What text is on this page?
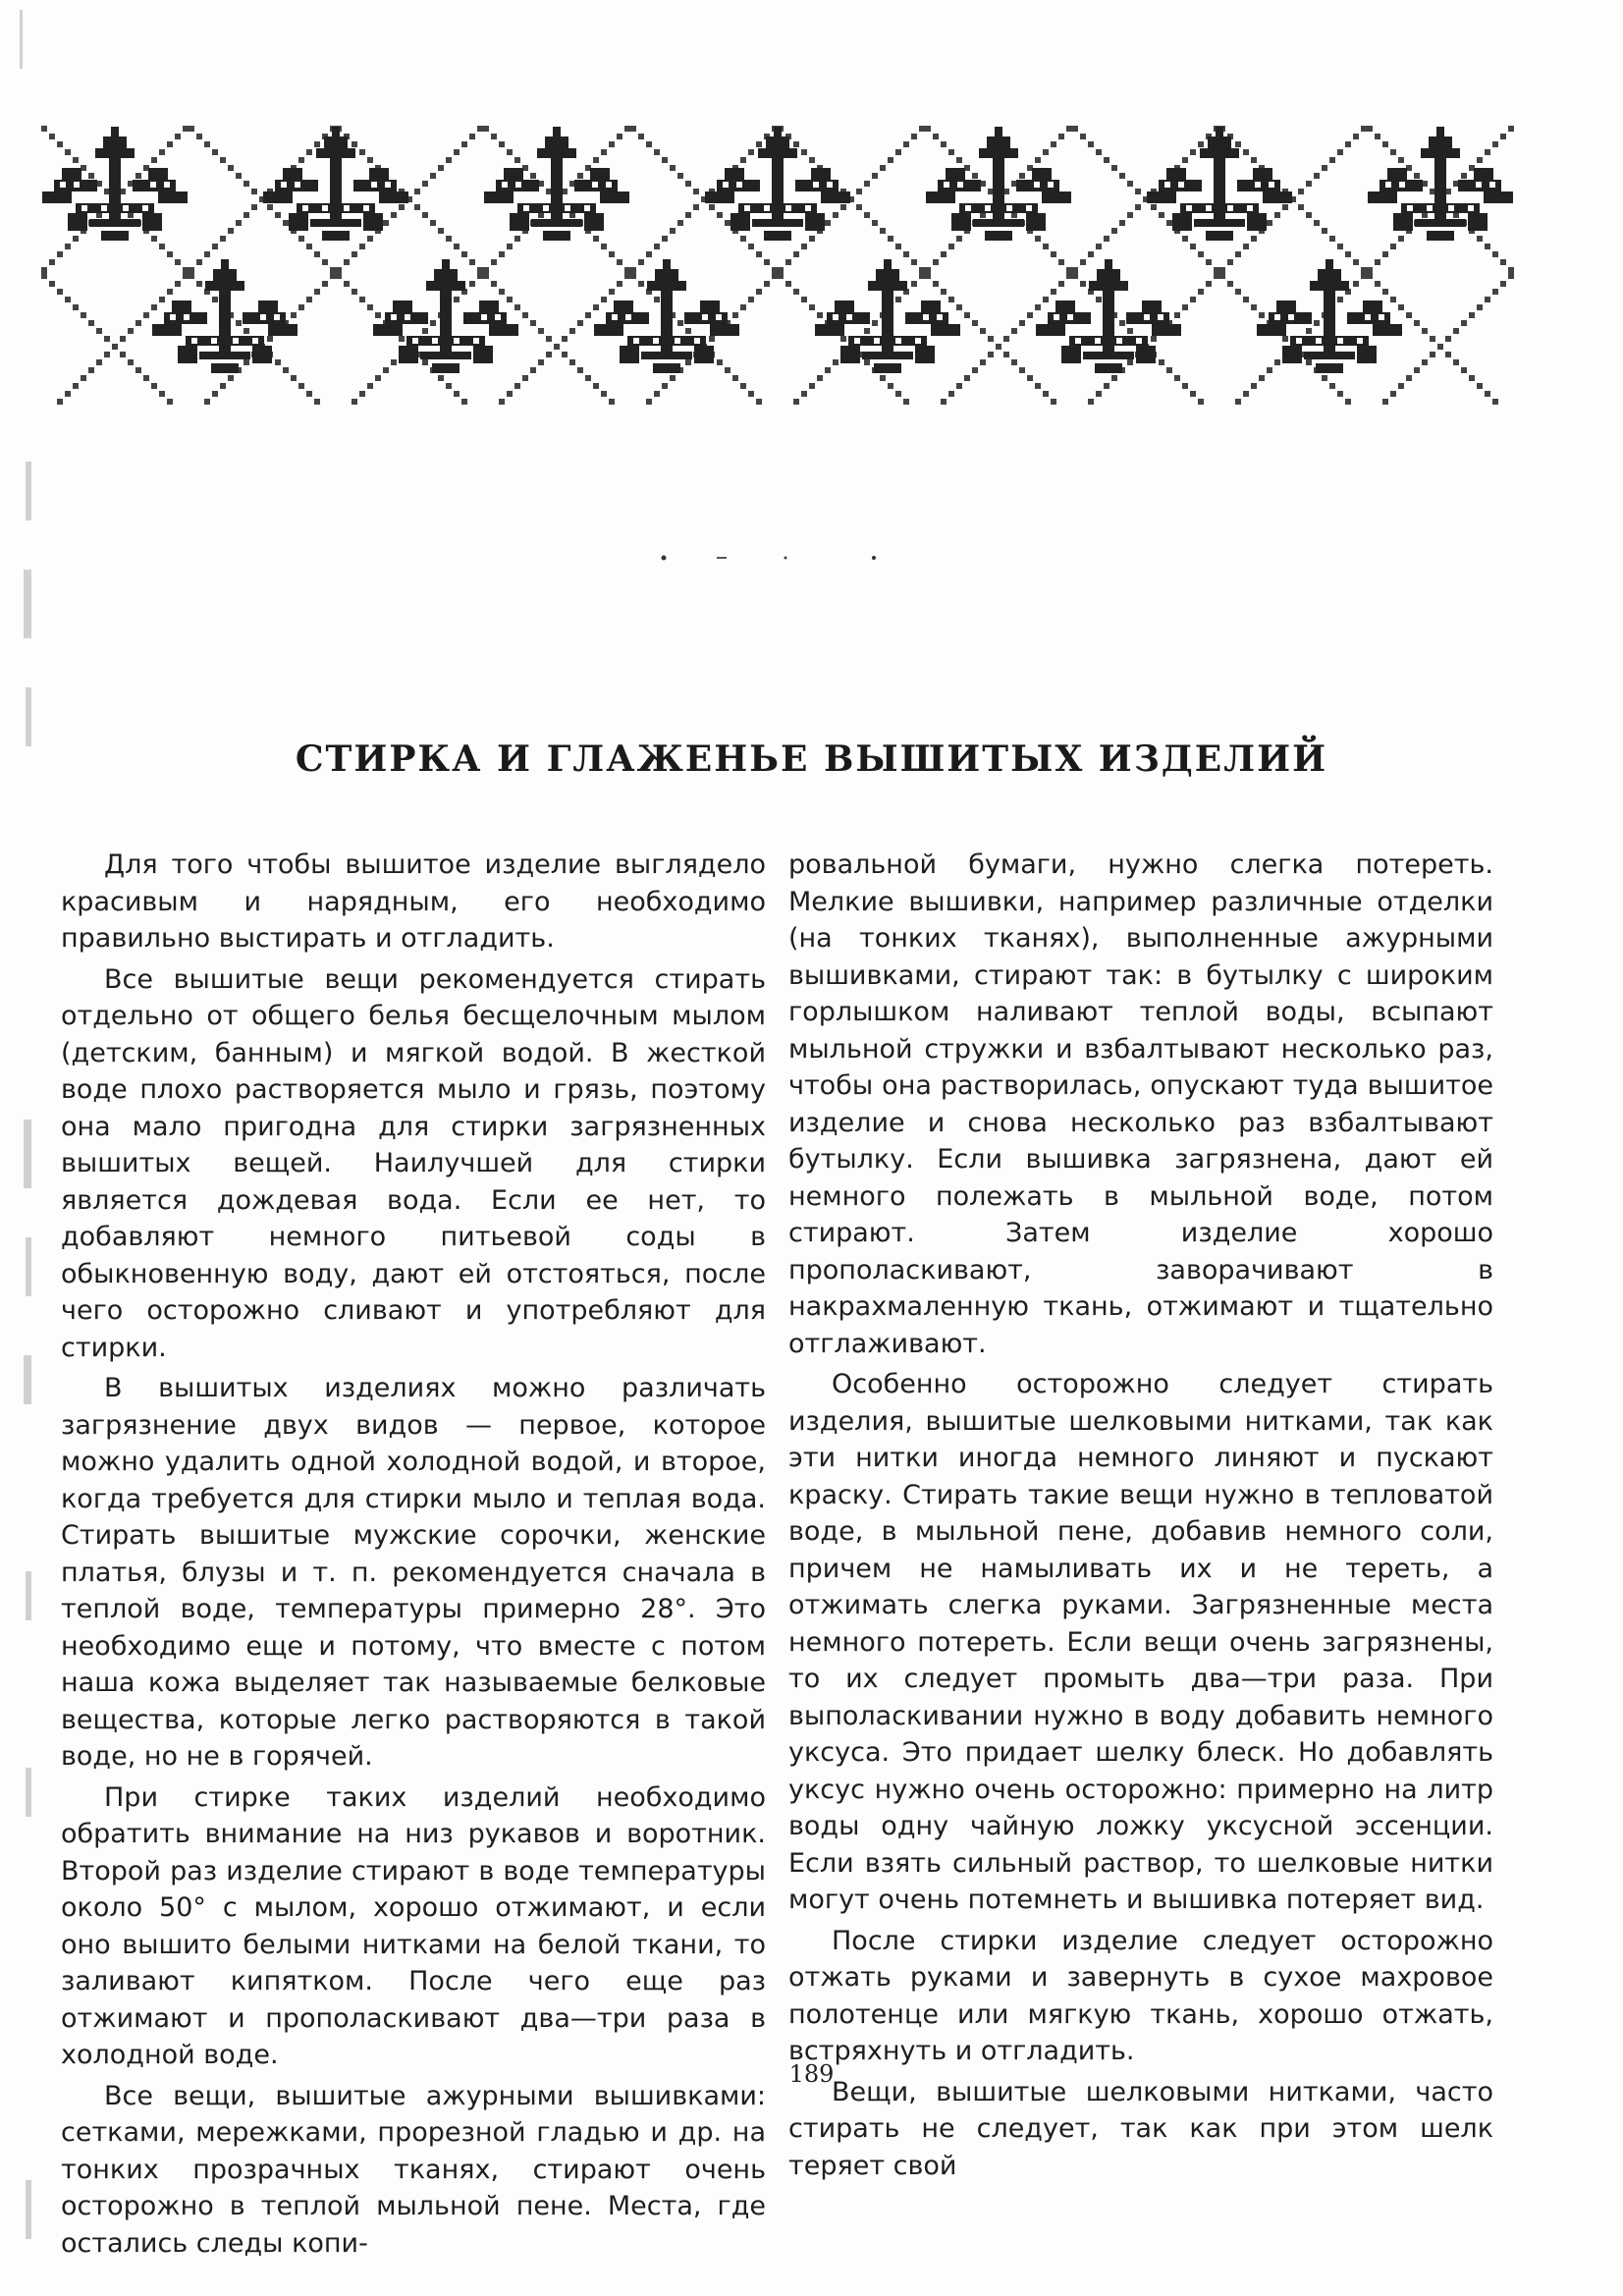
СТИРКА И ГЛАЖЕНЬЕ ВЫШИТЫХ ИЗДЕЛИЙ

Для того чтобы вышитое изделие выглядело красивым и нарядным, его необходимо правильно выстирать и отгладить.

Все вышитые вещи рекомендуется стирать отдельно от общего белья бесщелочным мылом (детским, банным) и мягкой водой. В жесткой воде плохо растворяется мыло и грязь, поэтому она мало пригодна для стирки загрязненных вышитых вещей. Наилучшей для стирки является дождевая вода. Если ее нет, то добавляют немного питьевой соды в обыкновенную воду, дают ей отстояться, после чего осторожно сливают и употребляют для стирки.

В вышитых изделиях можно различать загрязнение двух видов — первое, которое можно удалить одной холодной водой, и второе, когда требуется для стирки мыло и теплая вода. Стирать вышитые мужские сорочки, женские платья, блузы и т. п. рекомендуется сначала в теплой воде, температуры примерно 28°. Это необходимо еще и потому, что вместе с потом наша кожа выделяет так называемые белковые вещества, которые легко растворяются в такой воде, но не в горячей.

При стирке таких изделий необходимо обратить внимание на низ рукавов и воротник. Второй раз изделие стирают в воде температуры около 50° с мылом, хорошо отжимают, и если оно вышито белыми нитками на белой ткани, то заливают кипятком. После чего еще раз отжимают и прополаскивают два—три раза в холодной воде.

Все вещи, вышитые ажурными вышивками: сетками, мережками, прорезной гладью и др. на тонких прозрачных тканях, стирают очень осторожно в теплой мыльной пене. Места, где остались следы копи-

ровальной бумаги, нужно слегка потереть. Мелкие вышивки, например различные отделки (на тонких тканях), выполненные ажурными вышивками, стирают так: в бутылку с широким горлышком наливают теплой воды, всыпают мыльной стружки и взбалтывают несколько раз, чтобы она растворилась, опускают туда вышитое изделие и снова несколько раз взбалтывают бутылку. Если вышивка загрязнена, дают ей немного полежать в мыльной воде, потом стирают. Затем изделие хорошо прополаскивают, заворачивают в накрахмаленную ткань, отжимают и тщательно отглаживают.

Особенно осторожно следует стирать изделия, вышитые шелковыми нитками, так как эти нитки иногда немного линяют и пускают краску. Стирать такие вещи нужно в тепловатой воде, в мыльной пене, добавив немного соли, причем не намыливать их и не тереть, а отжимать слегка руками. Загрязненные места немного потереть. Если вещи очень загрязнены, то их следует промыть два—три раза. При выполаскивании нужно в воду добавить немного уксуса. Это придает шелку блеск. Но добавлять уксус нужно очень осторожно: примерно на литр воды одну чайную ложку уксусной эссенции. Если взять сильный раствор, то шелковые нитки могут очень потемнеть и вышивка потеряет вид.

После стирки изделие следует осторожно отжать руками и завернуть в сухое махровое полотенце или мягкую ткань, хорошо отжать, встряхнуть и отгладить.

Вещи, вышитые шелковыми нитками, часто стирать не следует, так как при этом шелк теряет свой

189
